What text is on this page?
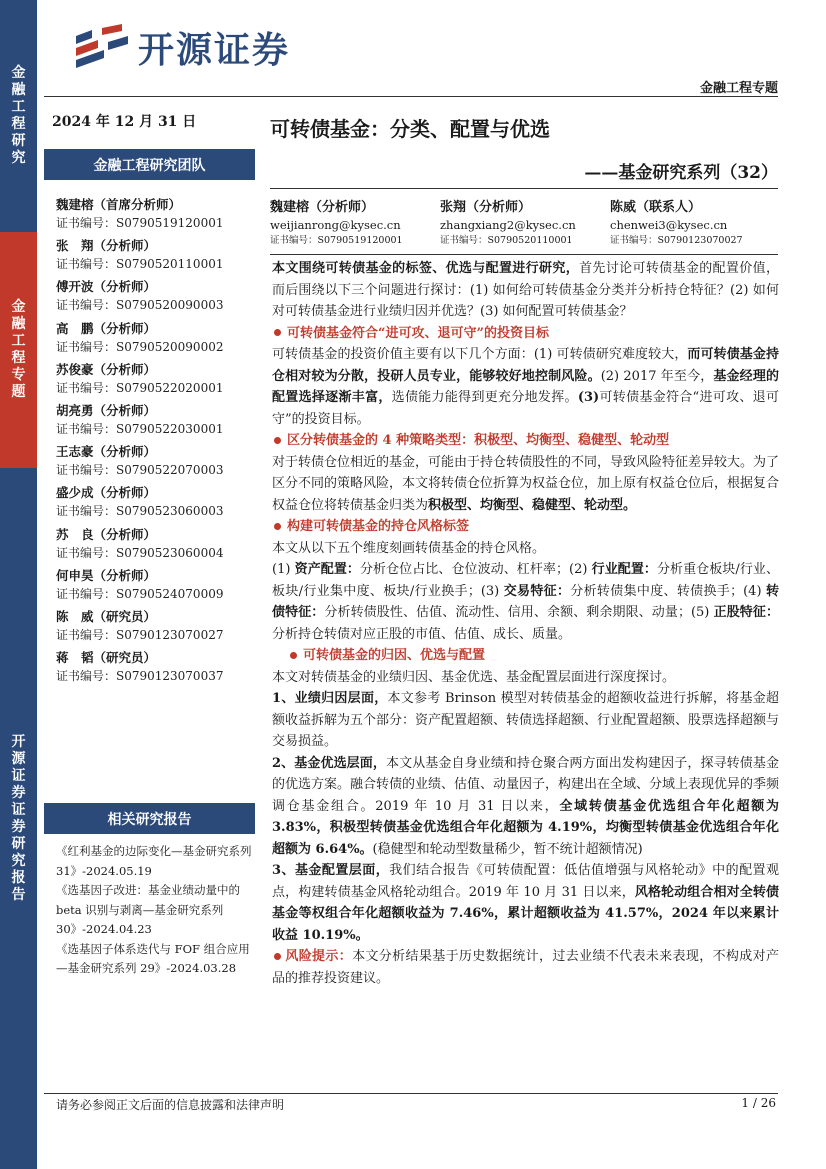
金融工程研究
金融工程专题
开源证券证券研究报告
开源证券
金融工程专题
2024 年 12 月 31 日
金融工程研究团队
魏建榕（首席分析师）
证书编号：S0790519120001
张　翔（分析师）
证书编号：S0790520110001
傅开波（分析师）
证书编号：S0790520090003
高　鹏（分析师）
证书编号：S0790520090002
苏俊豪（分析师）
证书编号：S0790522020001
胡亮勇（分析师）
证书编号：S0790522030001
王志豪（分析师）
证书编号：S0790522070003
盛少成（分析师）
证书编号：S0790523060003
苏　良（分析师）
证书编号：S0790523060004
何申昊（分析师）
证书编号：S0790524070009
陈　威（研究员）
证书编号：S0790123070027
蒋　韬（研究员）
证书编号：S0790123070037
相关研究报告
《红利基金的边际变化—基金研究系列 31》-2024.05.19
《选基因子改进：基金业绩动量中的 beta 识别与剥离—基金研究系列 30》-2024.04.23
《选基因子体系迭代与 FOF 组合应用—基金研究系列 29》-2024.03.28
可转债基金：分类、配置与优选
——基金研究系列（32）
魏建榕（分析师）
weijianrong@kysec.cn
证书编号：S0790519120001
张翔（分析师）
zhangxiang2@kysec.cn
证书编号：S0790520110001
陈威（联系人）
chenwei3@kysec.cn
证书编号：S0790123070027

本文围绕可转债基金的标签、优选与配置进行研究，首先讨论可转债基金的配置价值，而后围绕以下三个问题进行探讨：(1) 如何给可转债基金分类并分析持仓特征？(2) 如何对可转债基金进行业绩归因并优选？(3) 如何配置可转债基金？

可转债基金符合“进可攻、退可守”的投资目标

可转债基金的投资价值主要有以下几个方面：(1) 可转债研究难度较大，而可转债基金持仓相对较为分散，投研人员专业，能够较好地控制风险。(2) 2017 年至今，基金经理的配置选择逐渐丰富，选债能力能得到更充分地发挥。(3)可转债基金符合“进可攻、退可守”的投资目标。

区分转债基金的 4 种策略类型：积极型、均衡型、稳健型、轮动型

对于转债仓位相近的基金，可能由于持仓转债股性的不同，导致风险特征差异较大。为了区分不同的策略风险，本文将转债仓位折算为权益仓位，加上原有权益仓位后，根据复合权益仓位将转债基金归类为积极型、均衡型、稳健型、轮动型。

构建可转债基金的持仓风格标签

本文从以下五个维度刻画转债基金的持仓风格。

(1) 资产配置：分析仓位占比、仓位波动、杠杆率；(2) 行业配置：分析重仓板块/行业、板块/行业集中度、板块/行业换手；(3) 交易特征：分析转债集中度、转债换手；(4) 转债特征：分析转债股性、估值、流动性、信用、余额、剩余期限、动量；(5) 正股特征：分析持仓转债对应正股的市值、估值、成长、质量。

可转债基金的归因、优选与配置

本文对转债基金的业绩归因、基金优选、基金配置层面进行深度探讨。

1、业绩归因层面，本文参考 Brinson 模型对转债基金的超额收益进行拆解，将基金超额收益拆解为五个部分：资产配置超额、转债选择超额、行业配置超额、股票选择超额与交易损益。

2、基金优选层面，本文从基金自身业绩和持仓聚合两方面出发构建因子，探寻转债基金的优选方案。融合转债的业绩、估值、动量因子，构建出在全域、分域上表现优异的季频调仓基金组合。2019 年 10 月 31 日以来，全域转债基金优选组合年化超额为 3.83%，积极型转债基金优选组合年化超额为 4.19%，均衡型转债基金优选组合年化超额为 6.64%。(稳健型和轮动型数量稀少，暂不统计超额情况)

3、基金配置层面，我们结合报告《可转债配置：低估值增强与风格轮动》中的配置观点，构建转债基金风格轮动组合。2019 年 10 月 31 日以来，风格轮动组合相对全转债基金等权组合年化超额收益为 7.46%，累计超额收益为 41.57%，2024 年以来累计收益 10.19%。

风险提示：本文分析结果基于历史数据统计，过去业绩不代表未来表现，不构成对产品的推荐投资建议。

请务必参阅正文后面的信息披露和法律声明	1 / 26
